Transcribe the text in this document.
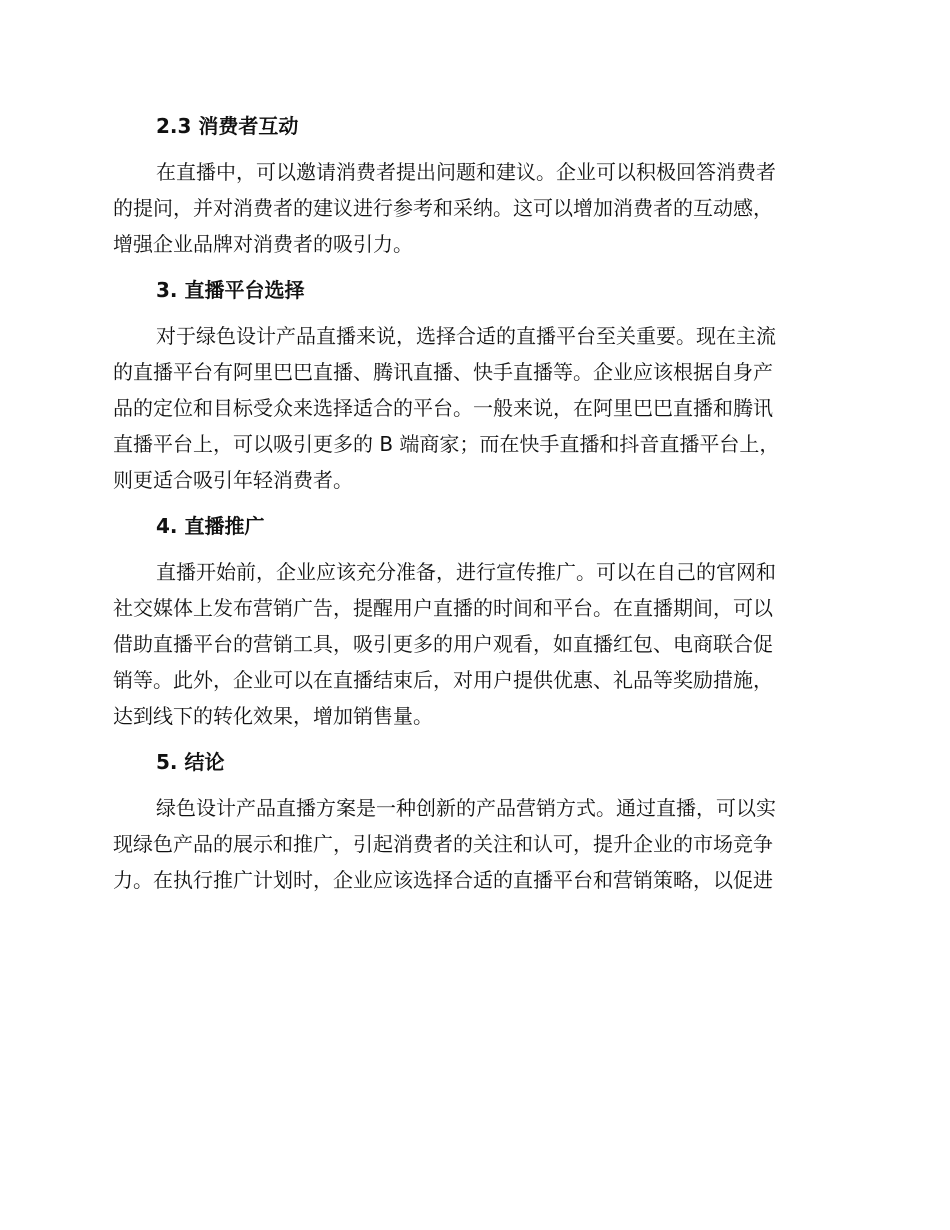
2.3 消费者互动

在直播中，可以邀请消费者提出问题和建议。企业可以积极回答消费者
的提问，并对消费者的建议进行参考和采纳。这可以增加消费者的互动感，
增强企业品牌对消费者的吸引力。

3. 直播平台选择

对于绿色设计产品直播来说，选择合适的直播平台至关重要。现在主流
的直播平台有阿里巴巴直播、腾讯直播、快手直播等。企业应该根据自身产
品的定位和目标受众来选择适合的平台。一般来说，在阿里巴巴直播和腾讯
直播平台上，可以吸引更多的 B 端商家；而在快手直播和抖音直播平台上，
则更适合吸引年轻消费者。

4. 直播推广

直播开始前，企业应该充分准备，进行宣传推广。可以在自己的官网和
社交媒体上发布营销广告，提醒用户直播的时间和平台。在直播期间，可以
借助直播平台的营销工具，吸引更多的用户观看，如直播红包、电商联合促
销等。此外，企业可以在直播结束后，对用户提供优惠、礼品等奖励措施，
达到线下的转化效果，增加销售量。

5. 结论

绿色设计产品直播方案是一种创新的产品营销方式。通过直播，可以实
现绿色产品的展示和推广，引起消费者的关注和认可，提升企业的市场竞争
力。在执行推广计划时，企业应该选择合适的直播平台和营销策略，以促进
